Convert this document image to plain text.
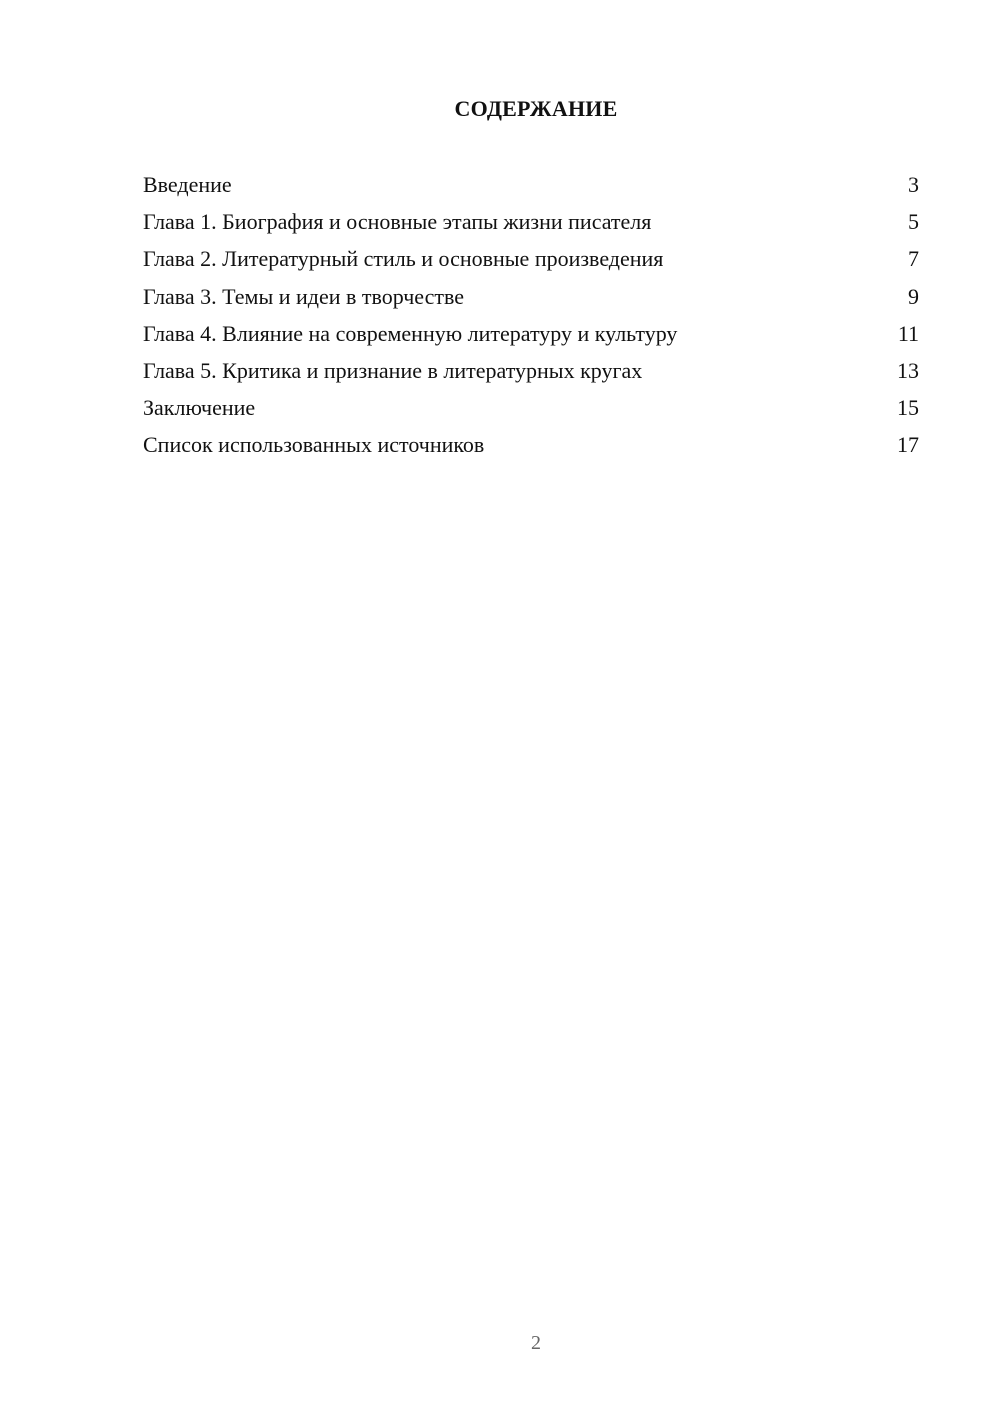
СОДЕРЖАНИЕ
Введение	3
Глава 1. Биография и основные этапы жизни писателя	5
Глава 2. Литературный стиль и основные произведения	7
Глава 3. Темы и идеи в творчестве	9
Глава 4. Влияние на современную литературу и культуру	11
Глава 5. Критика и признание в литературных кругах	13
Заключение	15
Список использованных источников	17
2
